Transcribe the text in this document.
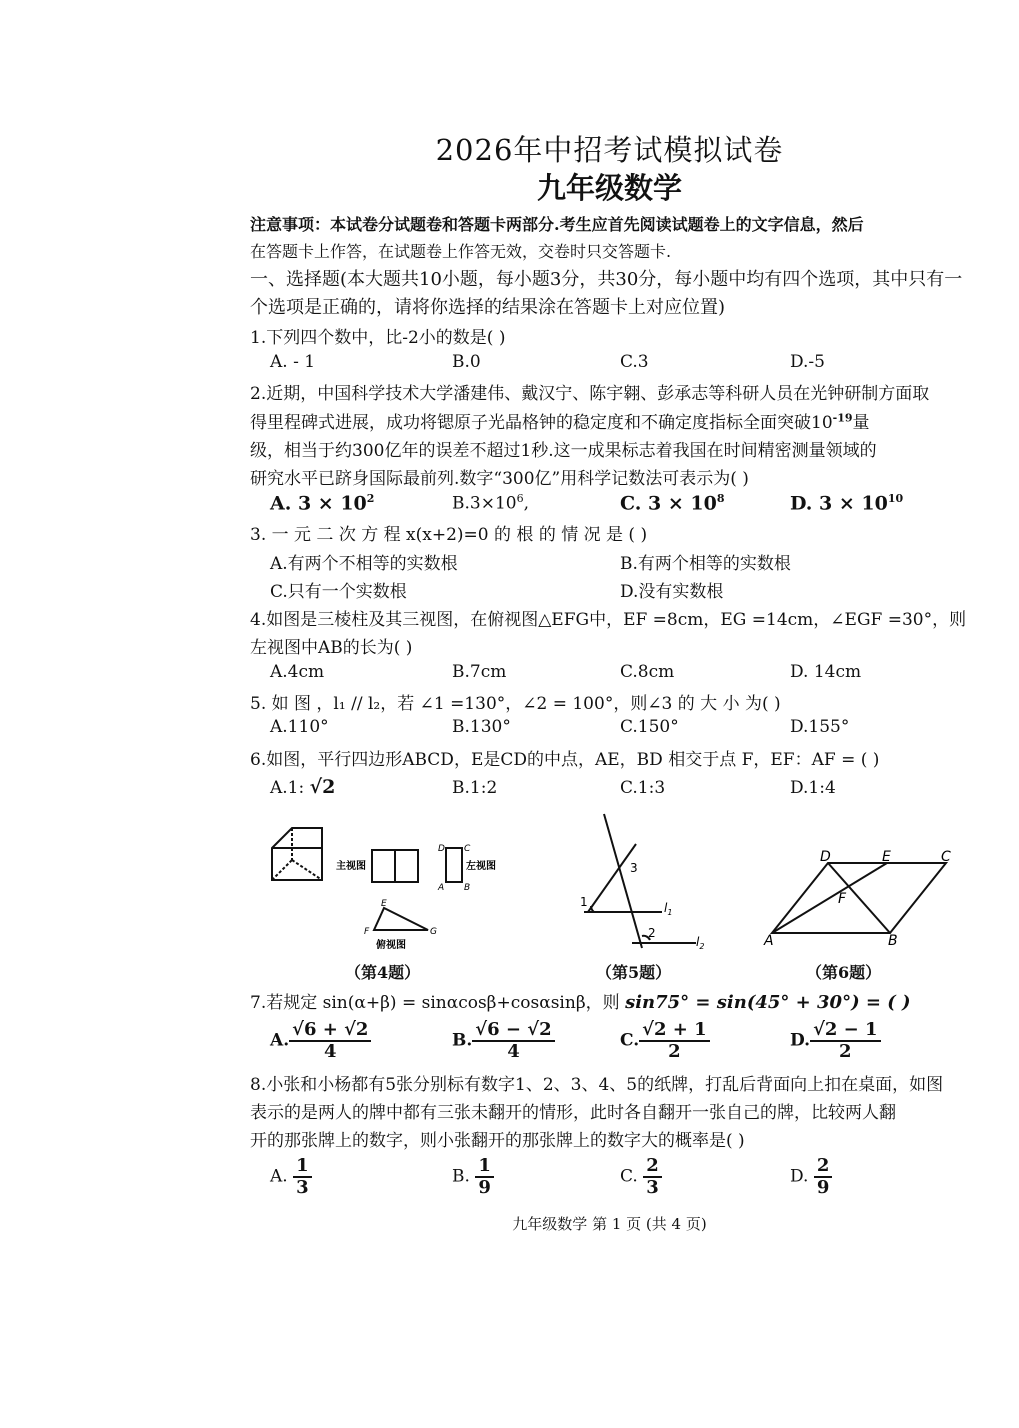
2026年中招考试模拟试卷
九年级数学
注意事项：本试卷分试题卷和答题卡两部分.考生应首先阅读试题卷上的文字信息，然后
在答题卡上作答，在试题卷上作答无效，交卷时只交答题卡.
一、选择题(本大题共10小题，每小题3分，共30分，每小题中均有四个选项，其中只有一
个选项是正确的，请将你选择的结果涂在答题卡上对应位置)
1.下列四个数中，比-2小的数是( )
A. - 1	B.0	C.3	D.-5
2.近期，中国科学技术大学潘建伟、戴汉宁、陈宇翱、彭承志等科研人员在光钟研制方面取
得里程碑式进展，成功将锶原子光晶格钟的稳定度和不确定度指标全面突破$10^{-19}$量
级，相当于约300亿年的误差不超过1秒.这一成果标志着我国在时间精密测量领域的
研究水平已跻身国际最前列.数字“300亿”用科学记数法可表示为( )
A. $3 \times 10^2$	$B.3\times 10^6$,	C. $3 \times 10^8$	D. $3 \times 10^{10}$
3. 一 元 二 次 方 程 x(x+2)=0 的 根 的 情 况 是 ( )
A.有两个不相等的实数根	B.有两个相等的实数根
C.只有一个实数根	D.没有实数根
4.如图是三棱柱及其三视图，在俯视图△EFG中，EF =8cm，EG =14cm，∠EGF =30°，则
左视图中AB的长为( )
A.4cm	B.7cm	C.8cm	D. 14cm
5. 如 图 ，l₁ // l₂，若 ∠1 =130°，∠2 = 100°，则∠3 的 大 小 为( )
A.110°	B.130°	C.150°	D.155°
6.如图，平行四边形ABCD，E是CD的中点，AE，BD 相交于点 F，EF：AF = ( )
A.1: √2	B.1:2	C.1:3	D.1:4
主视图	左视图
D C
A B
E
F	G
俯视图
（第4题）
1
2
3
$l_1$
$l_2$
（第5题）
D	E	C
F
A	B
（第6题）
7.若规定 sin(α+β) = sinαcosβ+cosαsinβ，则 sin75° = sin(45° + 30°) = ( )
A. $\frac{√6 + √2}{4}$	B. $\frac{√6 - √2}{4}$	C. $\frac{√2 + 1}{2}$	D. $\frac{√2 - 1}{2}$
8.小张和小杨都有5张分别标有数字1、2、3、4、5的纸牌，打乱后背面向上扣在桌面，如图
表示的是两人的牌中都有三张未翻开的情形，此时各自翻开一张自己的牌，比较两人翻
开的那张牌上的数字，则小张翻开的那张牌上的数字大的概率是( )
A. $\frac{1}{3}$	B. $\frac{1}{9}$	C. $\frac{2}{3}$	D. $\frac{2}{9}$
九年级数学 第 1 页 (共 4 页)
